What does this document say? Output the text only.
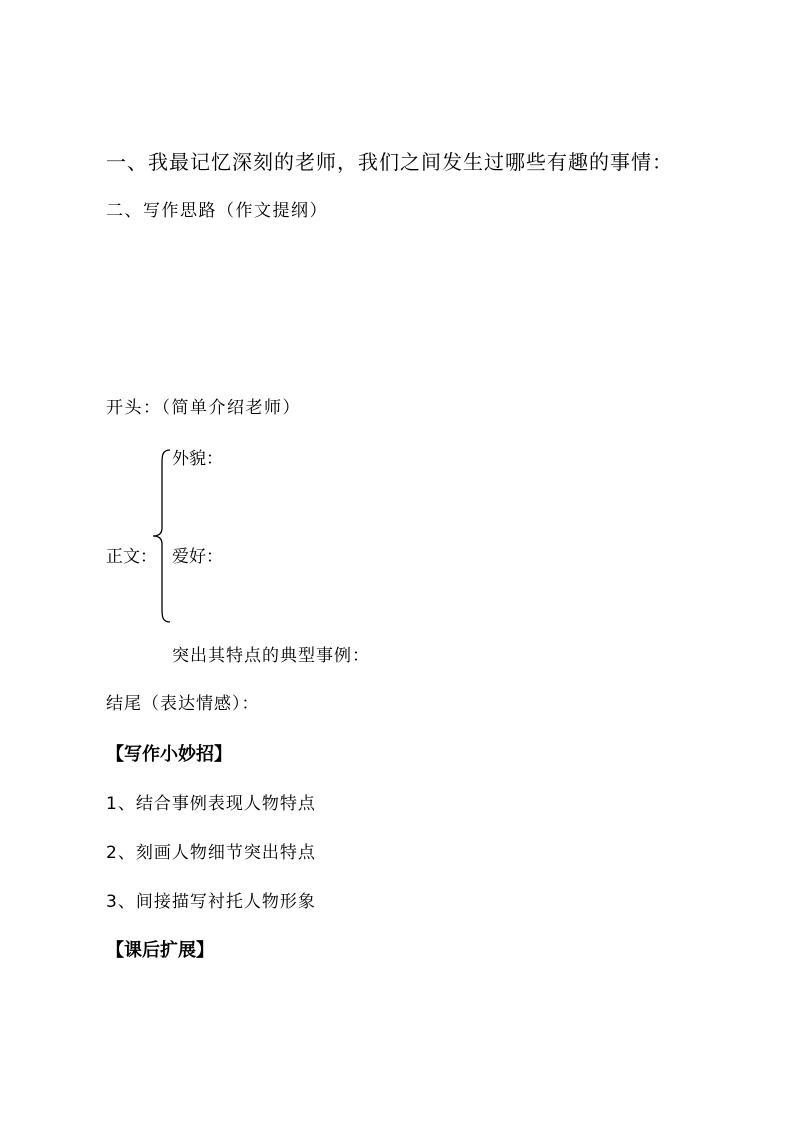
一、我最记忆深刻的老师，我们之间发生过哪些有趣的事情：
二、写作思路（作文提纲）
开头：（简单介绍老师）
外貌：
正文： 爱好：
突出其特点的典型事例：
结尾（表达情感）：
【写作小妙招】
1、结合事例表现人物特点
2、刻画人物细节突出特点
3、间接描写衬托人物形象
【课后扩展】
